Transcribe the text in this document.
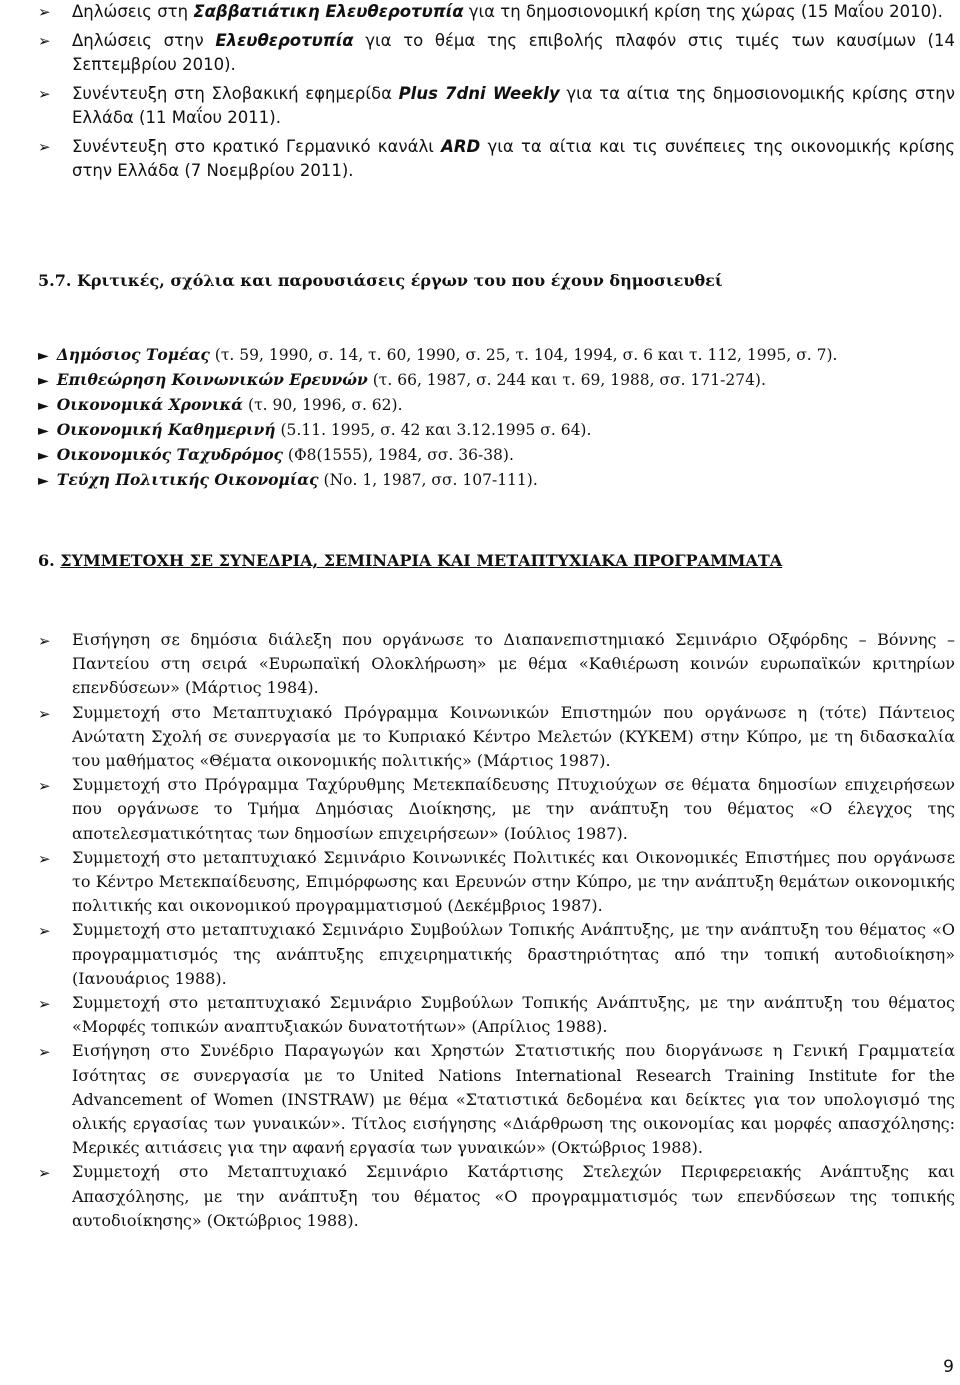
➢ Δηλώσεις στη Σαββατιάτικη Ελευθεροτυπία για τη δημοσιονομική κρίση της χώρας (15 Μαΐου 2010).
➢ Δηλώσεις στην Ελευθεροτυπία για το θέμα της επιβολής πλαφόν στις τιμές των καυσίμων (14 Σεπτεμβρίου 2010).
➢ Συνέντευξη στη Σλοβακική εφημερίδα Plus 7dni Weekly για τα αίτια της δημοσιονομικής κρίσης στην Ελλάδα (11 Μαΐου 2011).
➢ Συνέντευξη στο κρατικό Γερμανικό κανάλι ARD για τα αίτια και τις συνέπειες της οικονομικής κρίσης στην Ελλάδα (7 Νοεμβρίου 2011).
5.7. Κριτικές, σχόλια και παρουσιάσεις έργων του που έχουν δημοσιευθεί
► Δημόσιος Τομέας (τ. 59, 1990, σ. 14, τ. 60, 1990, σ. 25, τ. 104, 1994, σ. 6 και τ. 112, 1995, σ. 7).
► Επιθεώρηση Κοινωνικών Ερευνών (τ. 66, 1987, σ. 244 και τ. 69, 1988, σσ. 171-274).
► Οικονομικά Χρονικά (τ. 90, 1996, σ. 62).
► Οικονομική Καθημερινή (5.11. 1995, σ. 42 και 3.12.1995 σ. 64).
► Οικονομικός Ταχυδρόμος (Φ8(1555), 1984, σσ. 36-38).
► Τεύχη Πολιτικής Οικονομίας (Νο. 1, 1987, σσ. 107-111).
6. ΣΥΜΜΕΤΟΧΗ ΣΕ ΣΥΝΕΔΡΙΑ, ΣΕΜΙΝΑΡΙΑ ΚΑΙ ΜΕΤΑΠΤΥΧΙΑΚΑ ΠΡΟΓΡΑΜΜΑΤΑ
➢ Εισήγηση σε δημόσια διάλεξη που οργάνωσε το Διαπανεπιστημιακό Σεμινάριο Οξφόρδης – Βόννης – Παντείου στη σειρά «Ευρωπαϊκή Ολοκλήρωση» με θέμα «Καθιέρωση κοινών ευρωπαϊκών κριτηρίων επενδύσεων» (Μάρτιος 1984).
➢ Συμμετοχή στο Μεταπτυχιακό Πρόγραμμα Κοινωνικών Επιστημών που οργάνωσε η (τότε) Πάντειος Ανώτατη Σχολή σε συνεργασία με το Κυπριακό Κέντρο Μελετών (ΚΥΚΕΜ) στην Κύπρο, με τη διδασκαλία του μαθήματος «Θέματα οικονομικής πολιτικής» (Μάρτιος 1987).
➢ Συμμετοχή στο Πρόγραμμα Ταχύρυθμης Μετεκπαίδευσης Πτυχιούχων σε θέματα δημοσίων επιχειρήσεων που οργάνωσε το Τμήμα Δημόσιας Διοίκησης, με την ανάπτυξη του θέματος «Ο έλεγχος της αποτελεσματικότητας των δημοσίων επιχειρήσεων» (Ιούλιος 1987).
➢ Συμμετοχή στο μεταπτυχιακό Σεμινάριο Κοινωνικές Πολιτικές και Οικονομικές Επιστήμες που οργάνωσε το Κέντρο Μετεκπαίδευσης, Επιμόρφωσης και Ερευνών στην Κύπρο, με την ανάπτυξη θεμάτων οικονομικής πολιτικής και οικονομικού προγραμματισμού (Δεκέμβριος 1987).
➢ Συμμετοχή στο μεταπτυχιακό Σεμινάριο Συμβούλων Τοπικής Ανάπτυξης, με την ανάπτυξη του θέματος «Ο προγραμματισμός της ανάπτυξης επιχειρηματικής δραστηριότητας από την τοπική αυτοδιοίκηση» (Ιανουάριος 1988).
➢ Συμμετοχή στο μεταπτυχιακό Σεμινάριο Συμβούλων Τοπικής Ανάπτυξης, με την ανάπτυξη του θέματος «Μορφές τοπικών αναπτυξιακών δυνατοτήτων» (Απρίλιος 1988).
➢ Εισήγηση στο Συνέδριο Παραγωγών και Χρηστών Στατιστικής που διοργάνωσε η Γενική Γραμματεία Ισότητας σε συνεργασία με το United Nations International Research Training Institute for the Advancement of Women (INSTRAW) με θέμα «Στατιστικά δεδομένα και δείκτες για τον υπολογισμό της ολικής εργασίας των γυναικών». Τίτλος εισήγησης «Διάρθρωση της οικονομίας και μορφές απασχόλησης: Μερικές αιτιάσεις για την αφανή εργασία των γυναικών» (Οκτώβριος 1988).
➢ Συμμετοχή στο Μεταπτυχιακό Σεμινάριο Κατάρτισης Στελεχών Περιφερειακής Ανάπτυξης και Απασχόλησης, με την ανάπτυξη του θέματος «Ο προγραμματισμός των επενδύσεων της τοπικής αυτοδιοίκησης» (Οκτώβριος 1988).
9
